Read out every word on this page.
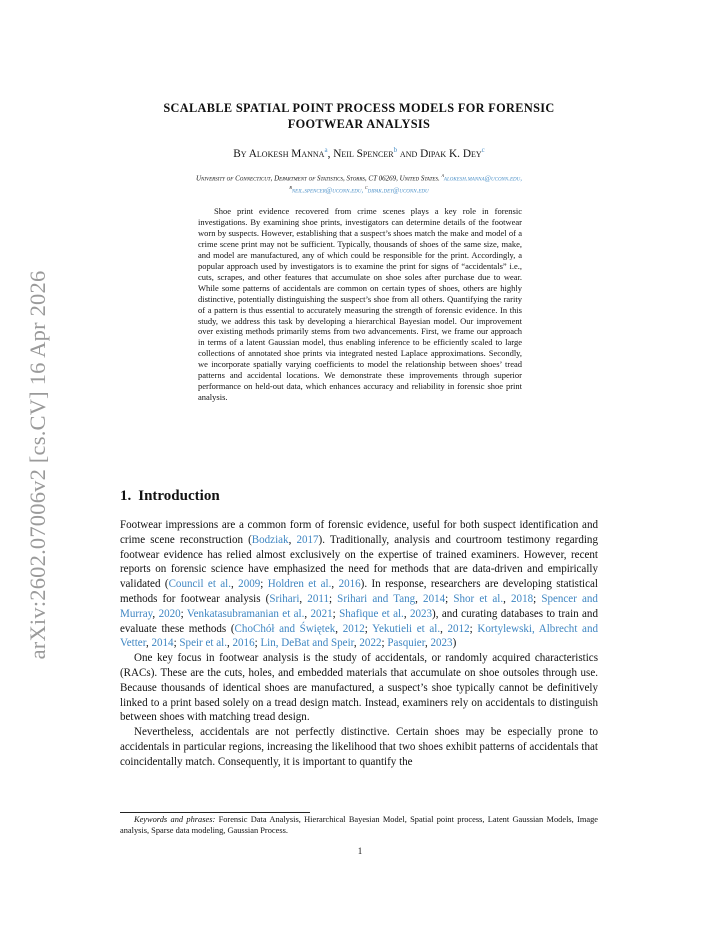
arXiv:2602.07006v2 [cs.CV] 16 Apr 2026
SCALABLE SPATIAL POINT PROCESS MODELS FOR FORENSIC
FOOTWEAR ANALYSIS
By Alokesh Manna$^a$, Neil Spencer$^b$ and Dipak K. Dey$^c$
University of Connecticut, Department of Statistics, Storrs, CT 06269, United States. $^a$alokesh.manna@uconn.edu,
$^b$neil.spencer@uconn.edu, $^c$dipak.dey@uconn.edu

Shoe print evidence recovered from crime scenes plays a key role in forensic investigations. By examining shoe prints, investigators can determine details of the footwear worn by suspects. However, establishing that a suspect’s shoes match the make and model of a crime scene print may not be sufficient. Typically, thousands of shoes of the same size, make, and model are manufactured, any of which could be responsible for the print. Accordingly, a popular approach used by investigators is to examine the print for signs of “accidentals” i.e., cuts, scrapes, and other features that accumulate on shoe soles after purchase due to wear. While some patterns of accidentals are common on certain types of shoes, others are highly distinctive, potentially distinguishing the suspect’s shoe from all others. Quantifying the rarity of a pattern is thus essential to accurately measuring the strength of forensic evidence. In this study, we address this task by developing a hierarchical Bayesian model. Our improvement over existing methods primarily stems from two advancements. First, we frame our approach in terms of a latent Gaussian model, thus enabling inference to be efficiently scaled to large collections of annotated shoe prints via integrated nested Laplace approximations. Secondly, we incorporate spatially varying coefficients to model the relationship between shoes’ tread patterns and accidental locations. We demonstrate these improvements through superior performance on held-out data, which enhances accuracy and reliability in forensic shoe print analysis.

1. Introduction

Footwear impressions are a common form of forensic evidence, useful for both suspect identification and crime scene reconstruction (Bodziak, 2017). Traditionally, analysis and courtroom testimony regarding footwear evidence has relied almost exclusively on the expertise of trained examiners. However, recent reports on forensic science have emphasized the need for methods that are data-driven and empirically validated (Council et al., 2009; Holdren et al., 2016). In response, researchers are developing statistical methods for footwear analysis (Srihari, 2011; Srihari and Tang, 2014; Shor et al., 2018; Spencer and Murray, 2020; Venkatasubramanian et al., 2021; Shafique et al., 2023), and curating databases to train and evaluate these methods (ChoChół and Świętek, 2012; Yekutieli et al., 2012; Kortylewski, Albrecht and Vetter, 2014; Speir et al., 2016; Lin, DeBat and Speir, 2022; Pasquier, 2023)

One key focus in footwear analysis is the study of accidentals, or randomly acquired characteristics (RACs). These are the cuts, holes, and embedded materials that accumulate on shoe outsoles through use. Because thousands of identical shoes are manufactured, a suspect’s shoe typically cannot be definitively linked to a print based solely on a tread design match. Instead, examiners rely on accidentals to distinguish between shoes with matching tread design.

Nevertheless, accidentals are not perfectly distinctive. Certain shoes may be especially prone to accidentals in particular regions, increasing the likelihood that two shoes exhibit patterns of accidentals that coincidentally match. Consequently, it is important to quantify the

Keywords and phrases: Forensic Data Analysis, Hierarchical Bayesian Model, Spatial point process, Latent Gaussian Models, Image analysis, Sparse data modeling, Gaussian Process.

1
